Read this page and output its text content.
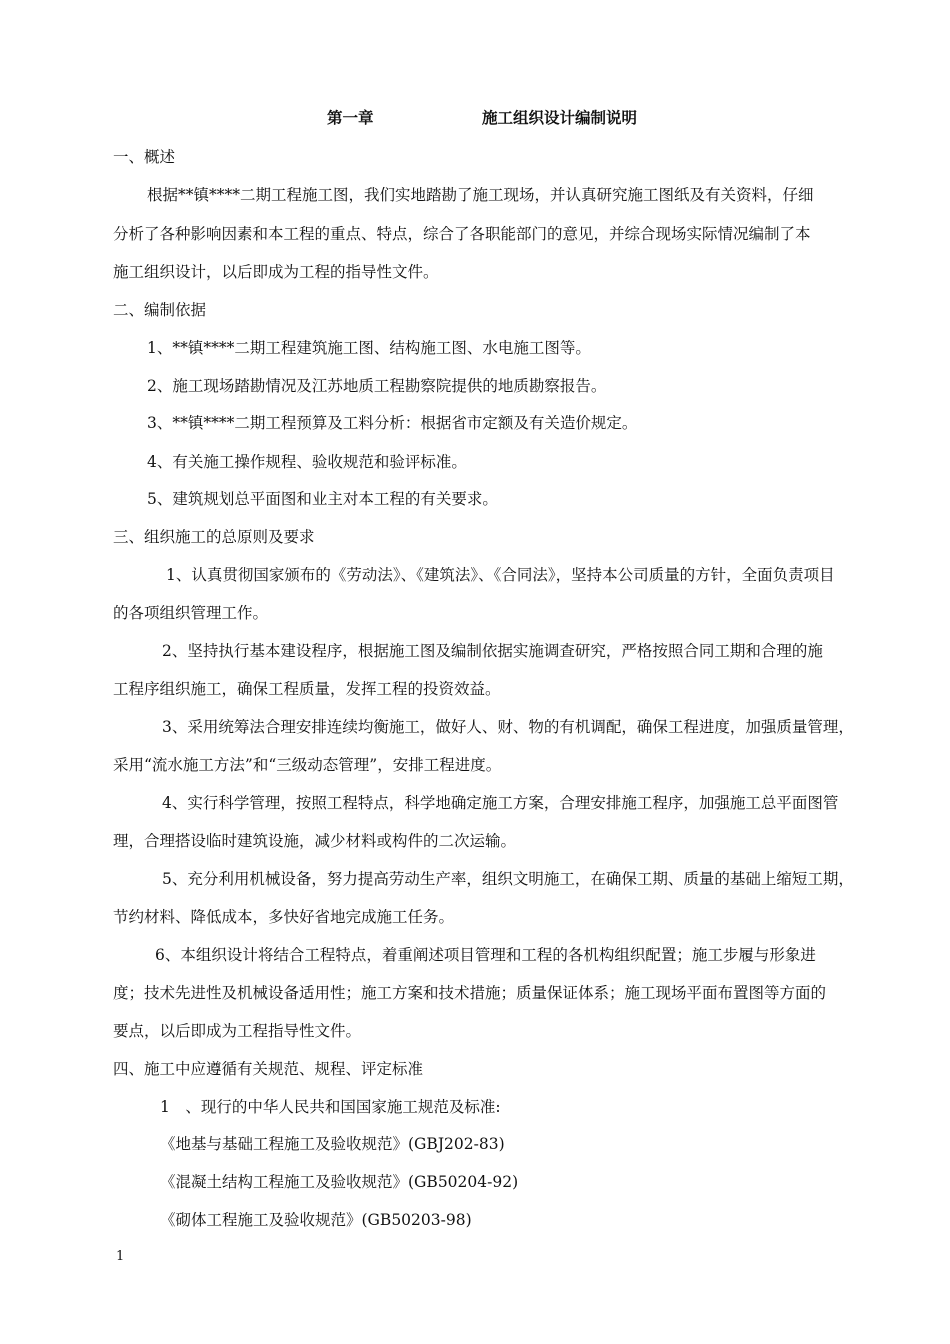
第一章	施工组织设计编制说明
一、概述
根据**镇****二期工程施工图，我们实地踏勘了施工现场，并认真研究施工图纸及有关资料，仔细
分析了各种影响因素和本工程的重点、特点，综合了各职能部门的意见，并综合现场实际情况编制了本
施工组织设计，以后即成为工程的指导性文件。
二、编制依据
1、**镇****二期工程建筑施工图、结构施工图、水电施工图等。
2、施工现场踏勘情况及江苏地质工程勘察院提供的地质勘察报告。
3、**镇****二期工程预算及工料分析：根据省市定额及有关造价规定。
4、有关施工操作规程、验收规范和验评标准。
5、建筑规划总平面图和业主对本工程的有关要求。
三、组织施工的总原则及要求
1、认真贯彻国家颁布的《劳动法》、《建筑法》、《合同法》，坚持本公司质量的方针，全面负责项目
的各项组织管理工作。
2、坚持执行基本建设程序，根据施工图及编制依据实施调查研究，严格按照合同工期和合理的施
工程序组织施工，确保工程质量，发挥工程的投资效益。
3、采用统筹法合理安排连续均衡施工，做好人、财、物的有机调配，确保工程进度，加强质量管理，
采用“流水施工方法”和“三级动态管理”，安排工程进度。
4、实行科学管理，按照工程特点，科学地确定施工方案，合理安排施工程序，加强施工总平面图管
理，合理搭设临时建筑设施，减少材料或构件的二次运输。
5、充分利用机械设备，努力提高劳动生产率，组织文明施工，在确保工期、质量的基础上缩短工期，
节约材料、降低成本，多快好省地完成施工任务。
6、本组织设计将结合工程特点，着重阐述项目管理和工程的各机构组织配置；施工步履与形象进
度；技术先进性及机械设备适用性；施工方案和技术措施；质量保证体系；施工现场平面布置图等方面的
要点，以后即成为工程指导性文件。
四、施工中应遵循有关规范、规程、评定标准
1　、现行的中华人民共和国国家施工规范及标准:
《地基与基础工程施工及验收规范》(GBJ202-83)
《混凝土结构工程施工及验收规范》(GB50204-92)
《砌体工程施工及验收规范》(GB50203-98)
1
